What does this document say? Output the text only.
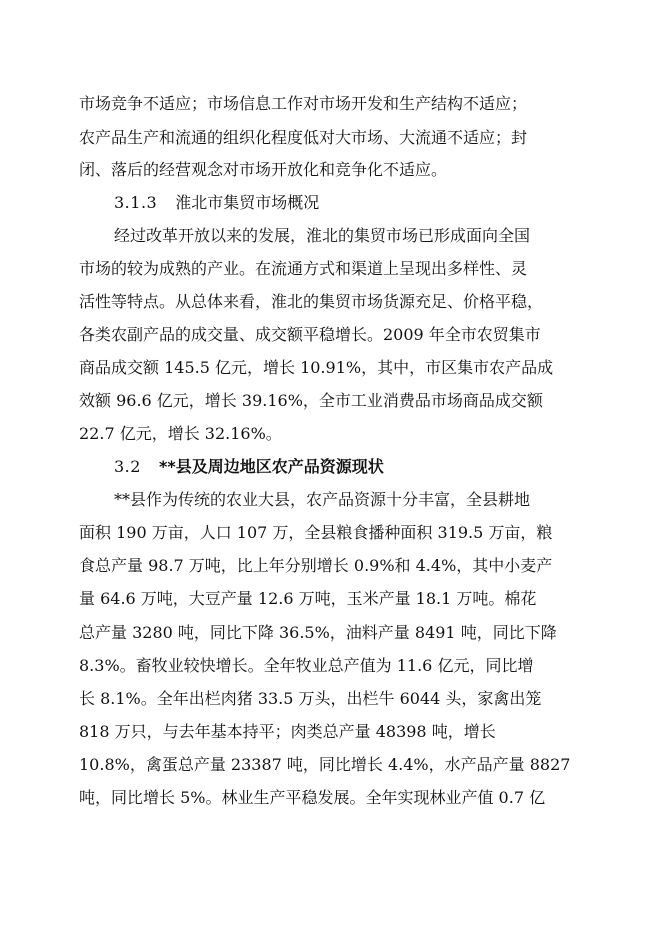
市场竞争不适应；市场信息工作对市场开发和生产结构不适应；
农产品生产和流通的组织化程度低对大市场、大流通不适应；封
闭、落后的经营观念对市场开放化和竞争化不适应。
3.1.3 淮北市集贸市场概况
经过改革开放以来的发展，淮北的集贸市场已形成面向全国
市场的较为成熟的产业。在流通方式和渠道上呈现出多样性、灵
活性等特点。从总体来看，淮北的集贸市场货源充足、价格平稳，
各类农副产品的成交量、成交额平稳增长。2009 年全市农贸集市
商品成交额 145.5 亿元，增长 10.91%，其中，市区集市农产品成
效额 96.6 亿元，增长 39.16%，全市工业消费品市场商品成交额
22.7 亿元，增长 32.16%。
3.2 **县及周边地区农产品资源现状
**县作为传统的农业大县，农产品资源十分丰富，全县耕地
面积 190 万亩，人口 107 万，全县粮食播种面积 319.5 万亩，粮
食总产量 98.7 万吨，比上年分别增长 0.9%和 4.4%，其中小麦产
量 64.6 万吨，大豆产量 12.6 万吨，玉米产量 18.1 万吨。棉花
总产量 3280 吨，同比下降 36.5%，油料产量 8491 吨，同比下降
8.3%。畜牧业较快增长。全年牧业总产值为 11.6 亿元，同比增
长 8.1%。全年出栏肉猪 33.5 万头，出栏牛 6044 头，家禽出笼
818 万只，与去年基本持平；肉类总产量 48398 吨，增长
10.8%，禽蛋总产量 23387 吨，同比增长 4.4%，水产品产量 8827
吨，同比增长 5%。林业生产平稳发展。全年实现林业产值 0.7 亿
